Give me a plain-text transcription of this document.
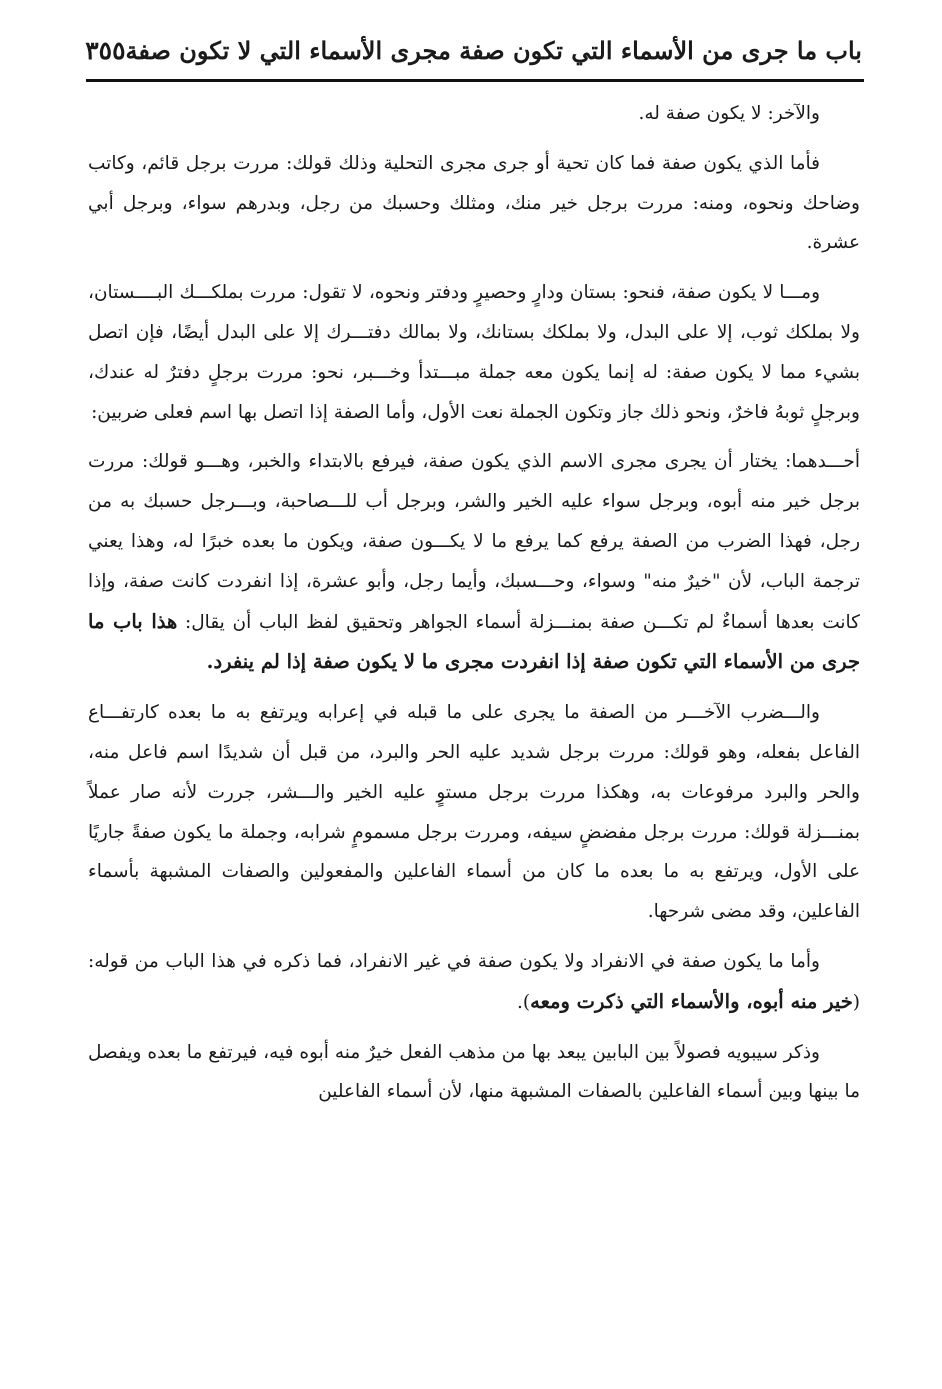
باب ما جرى من الأسماء التي تكون صفة مجرى الأسماء التي لا تكون صفة
٣٥٥

والآخر: لا يكون صفة له.

فأما الذي يكون صفة فما كان تحية أو جرى مجرى التحلية وذلك قولك: مررت برجل قائم، وكاتب وضاحك ونحوه، ومنه: مررت برجل خير منك، ومثلك وحسبك من رجل، وبدرهم سواء، وبرجل أبي عشرة.

ومـــا لا يكون صفة، فنحو: بستان ودارٍ وحصيرٍ ودفتر ونحوه، لا تقول: مررت بملكـــك البــــستان، ولا بملكك ثوب، إلا على البدل، ولا بملكك بستانك، ولا بمالك دفتـــرك إلا على البدل أيضًا، فإن اتصل بشيء مما لا يكون صفة: له إنما يكون معه جملة مبـــتدأ وخـــبر، نحو: مررت برجلٍ دفترٌ له عندك، وبرجلٍ ثوبهُ فاخرٌ، ونحو ذلك جاز وتكون الجملة نعت الأول، وأما الصفة إذا اتصل بها اسم فعلى ضربين:

أحـــدهما: يختار أن يجرى مجرى الاسم الذي يكون صفة، فيرفع بالابتداء والخبر، وهـــو قولك: مررت برجل خير منه أبوه، وبرجل سواء عليه الخير والشر، وبرجل أب للـــصاحبة، وبـــرجل حسبك به من رجل، فهذا الضرب من الصفة يرفع كما يرفع ما لا يكـــون صفة، ويكون ما بعده خبرًا له، وهذا يعني ترجمة الباب، لأن "خيرٌ منه" وسواء، وحـــسبك، وأيما رجل، وأبو عشرة، إذا انفردت كانت صفة، وإذا كانت بعدها أسماءٌ لم تكـــن صفة بمنـــزلة أسماء الجواهر وتحقيق لفظ الباب أن يقال: هذا باب ما جرى من الأسماء التي تكون صفة إذا انفردت مجرى ما لا يكون صفة إذا لم ينفرد.

والـــضرب الآخـــر من الصفة ما يجرى على ما قبله في إعرابه ويرتفع به ما بعده كارتفـــاع الفاعل بفعله، وهو قولك: مررت برجل شديد عليه الحر والبرد، من قبل أن شديدًا اسم فاعل منه، والحر والبرد مرفوعات به، وهكذا مررت برجل مستوٍ عليه الخير والـــشر، جررت لأنه صار عملاً بمنـــزلة قولك: مررت برجل مفضضٍ سيفه، ومررت برجل مسمومٍ شرابه، وجملة ما يكون صفةً جاريًا على الأول، ويرتفع به ما بعده ما كان من أسماء الفاعلين والمفعولين والصفات المشبهة بأسماء الفاعلين، وقد مضى شرحها.

وأما ما يكون صفة في الانفراد ولا يكون صفة في غير الانفراد، فما ذكره في هذا الباب من قوله: (خير منه أبوه، والأسماء التي ذكرت ومعه).

وذكر سيبويه فصولاً بين البابين يبعد بها من مذهب الفعل خيرٌ منه أبوه فيه، فيرتفع ما بعده ويفصل ما بينها وبين أسماء الفاعلين بالصفات المشبهة منها، لأن أسماء الفاعلين
